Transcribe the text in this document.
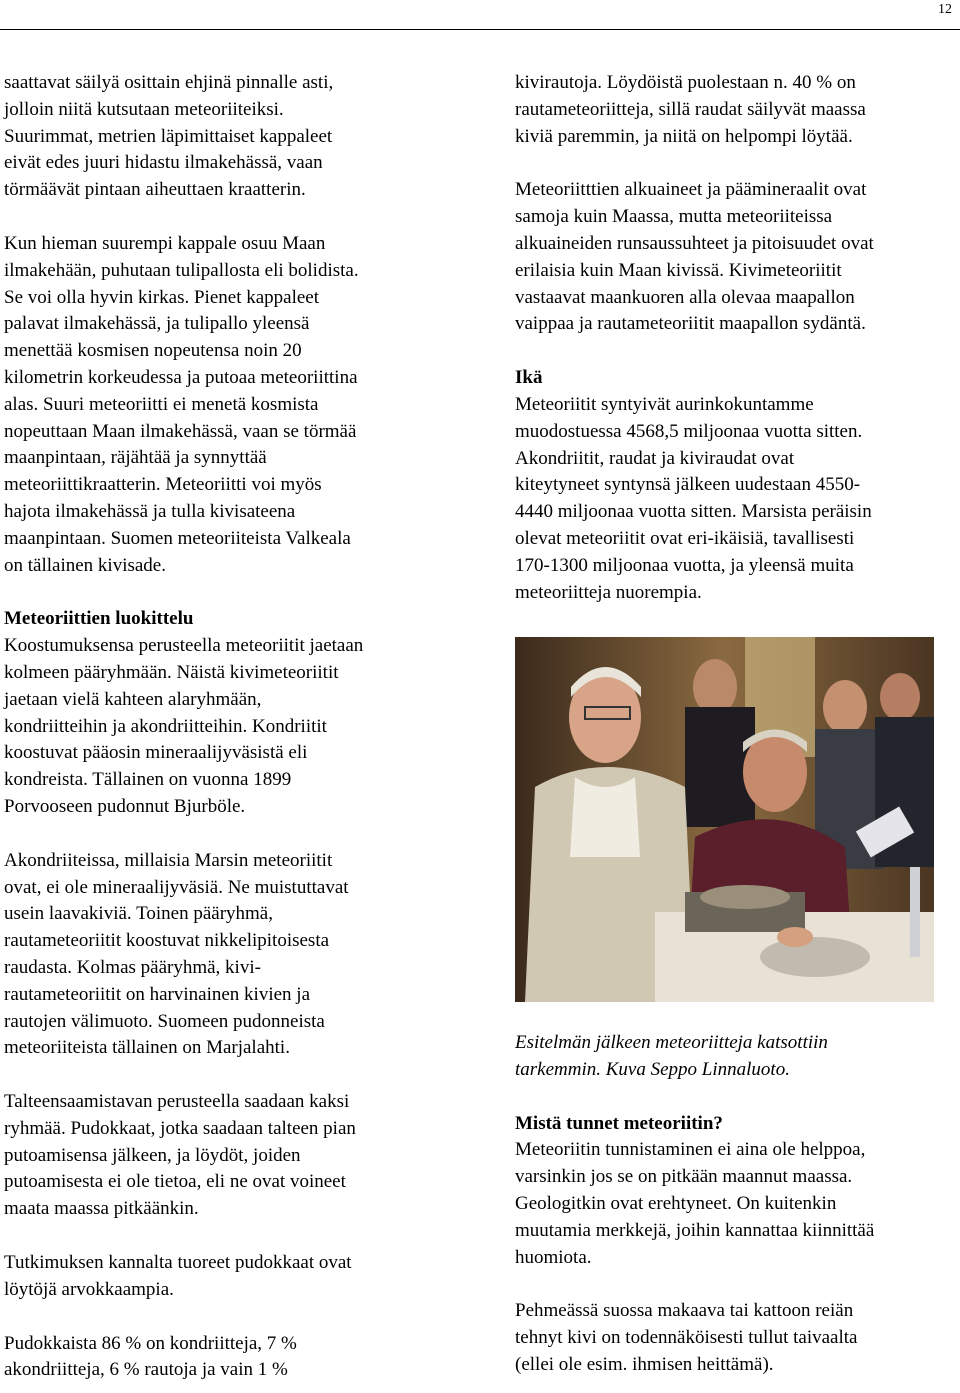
12

saattavat säilyä osittain ehjinä pinnalle asti,
jolloin niitä kutsutaan meteoriiteiksi.
Suurimmat, metrien läpimittaiset kappaleet
eivät edes juuri hidastu ilmakehässä, vaan
törmäävät pintaan aiheuttaen kraatterin.

Kun hieman suurempi kappale osuu Maan
ilmakehään, puhutaan tulipallosta eli bolidista.
Se voi olla hyvin kirkas. Pienet kappaleet
palavat ilmakehässä, ja tulipallo yleensä
menettää kosmisen nopeutensa noin 20
kilometrin korkeudessa ja putoaa meteoriittina
alas. Suuri meteoriitti ei menetä kosmista
nopeuttaan Maan ilmakehässä, vaan se törmää
maanpintaan, räjähtää ja synnyttää
meteoriittikraatterin. Meteoriitti voi myös
hajota ilmakehässä ja tulla kivisateena
maanpintaan. Suomen meteoriiteista Valkeala
on tällainen kivisade.

Meteoriittien luokittelu

Koostumuksensa perusteella meteoriitit jaetaan
kolmeen pääryhmään. Näistä kivimeteoriitit
jaetaan vielä kahteen alaryhmään,
kondriitteihin ja akondriitteihin. Kondriitit
koostuvat pääosin mineraalijyväsistä eli
kondreista. Tällainen on vuonna 1899
Porvooseen pudonnut Bjurböle.

Akondriiteissa, millaisia Marsin meteoriitit
ovat, ei ole mineraalijyväsiä. Ne muistuttavat
usein laavakiviä. Toinen pääryhmä,
rautameteoriitit koostuvat nikkelipitoisesta
raudasta. Kolmas pääryhmä, kivi-
rautameteoriitit on harvinainen kivien ja
rautojen välimuoto. Suomeen pudonneista
meteoriiteista tällainen on Marjalahti.

Talteensaamistavan perusteella saadaan kaksi
ryhmää. Pudokkaat, jotka saadaan talteen pian
putoamisensa jälkeen, ja löydöt, joiden
putoamisesta ei ole tietoa, eli ne ovat voineet
maata maassa pitkäänkin.

Tutkimuksen kannalta tuoreet pudokkaat ovat
löytöjä arvokkaampia.

Pudokkaista 86 % on kondriitteja, 7 %
akondriitteja, 6 % rautoja ja vain 1 %

kivirautoja. Löydöistä puolestaan n. 40 % on
rautameteoriitteja, sillä raudat säilyvät maassa
kiviä paremmin, ja niitä on helpompi löytää.

Meteoriitttien alkuaineet ja päämineraalit ovat
samoja kuin Maassa, mutta meteoriiteissa
alkuaineiden runsaussuhteet ja pitoisuudet ovat
erilaisia kuin Maan kivissä. Kivimeteoriitit
vastaavat maankuoren alla olevaa maapallon
vaippaa ja rautameteoriitit maapallon sydäntä.

Ikä

Meteoriitit syntyivät aurinkokuntamme
muodostuessa 4568,5 miljoonaa vuotta sitten.
Akondriitit, raudat ja kiviraudat ovat
kiteytyneet syntynsä jälkeen uudestaan 4550-
4440 miljoonaa vuotta sitten. Marsista peräisin
olevat meteoriitit ovat eri-ikäisiä, tavallisesti
170-1300 miljoonaa vuotta, ja yleensä muita
meteoriitteja nuorempia.

Esitelmän jälkeen meteoriitteja katsottiin
tarkemmin. Kuva Seppo Linnaluoto.

Mistä tunnet meteoriitin?

Meteoriitin tunnistaminen ei aina ole helppoa,
varsinkin jos se on pitkään maannut maassa.
Geologitkin ovat erehtyneet. On kuitenkin
muutamia merkkejä, joihin kannattaa kiinnittää
huomiota.

Pehmeässä suossa makaava tai kattoon reiän
tehnyt kivi on todennäköisesti tullut taivaalta
(ellei ole esim. ihmisen heittämä).
